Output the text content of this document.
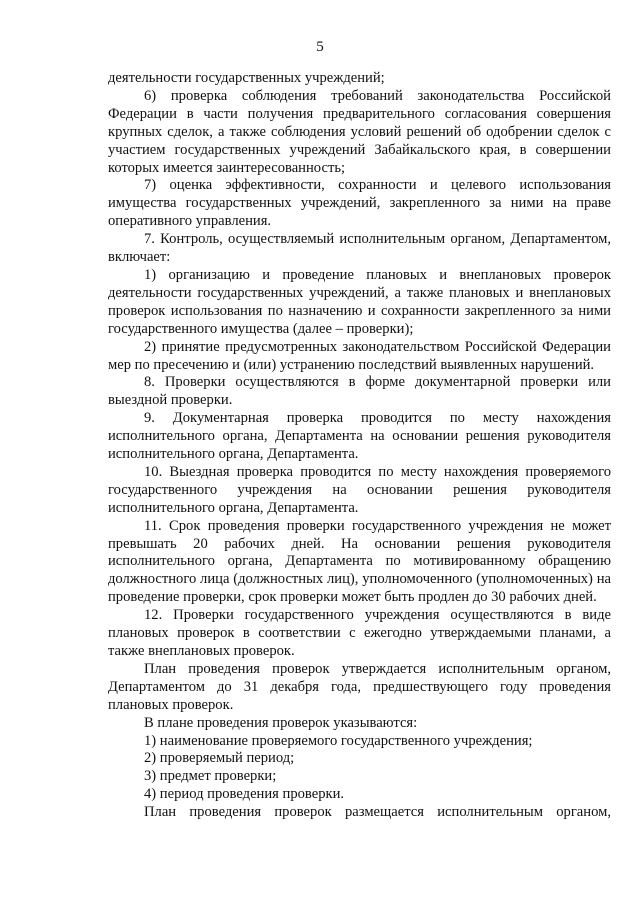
5

деятельности государственных учреждений;

6) проверка соблюдения требований законодательства Российской Федерации в части получения предварительного согласования совершения крупных сделок, а также соблюдения условий решений об одобрении сделок с участием государственных учреждений Забайкальского края, в совершении которых имеется заинтересованность;

7) оценка эффективности, сохранности и целевого использования имущества государственных учреждений, закрепленного за ними на праве оперативного управления.

7. Контроль, осуществляемый исполнительным органом, Департаментом, включает:

1) организацию и проведение плановых и внеплановых проверок деятельности государственных учреждений, а также плановых и внеплановых проверок использования по назначению и сохранности закрепленного за ними государственного имущества (далее – проверки);

2) принятие предусмотренных законодательством Российской Федерации мер по пресечению и (или) устранению последствий выявленных нарушений.

8. Проверки осуществляются в форме документарной проверки или выездной проверки.

9. Документарная проверка проводится по месту нахождения исполнительного органа, Департамента на основании решения руководителя исполнительного органа, Департамента.

10. Выездная проверка проводится по месту нахождения проверяемого государственного учреждения на основании решения руководителя исполнительного органа, Департамента.

11. Срок проведения проверки государственного учреждения не может превышать 20 рабочих дней. На основании решения руководителя исполнительного органа, Департамента по мотивированному обращению должностного лица (должностных лиц), уполномоченного (уполномоченных) на проведение проверки, срок проверки может быть продлен до 30 рабочих дней.

12. Проверки государственного учреждения осуществляются в виде плановых проверок в соответствии с ежегодно утверждаемыми планами, а также внеплановых проверок.

План проведения проверок утверждается исполнительным органом, Департаментом до 31 декабря года, предшествующего году проведения плановых проверок.

В плане проведения проверок указываются:

1) наименование проверяемого государственного учреждения;

2) проверяемый период;

3) предмет проверки;

4) период проведения проверки.

План проведения проверок размещается исполнительным органом,
